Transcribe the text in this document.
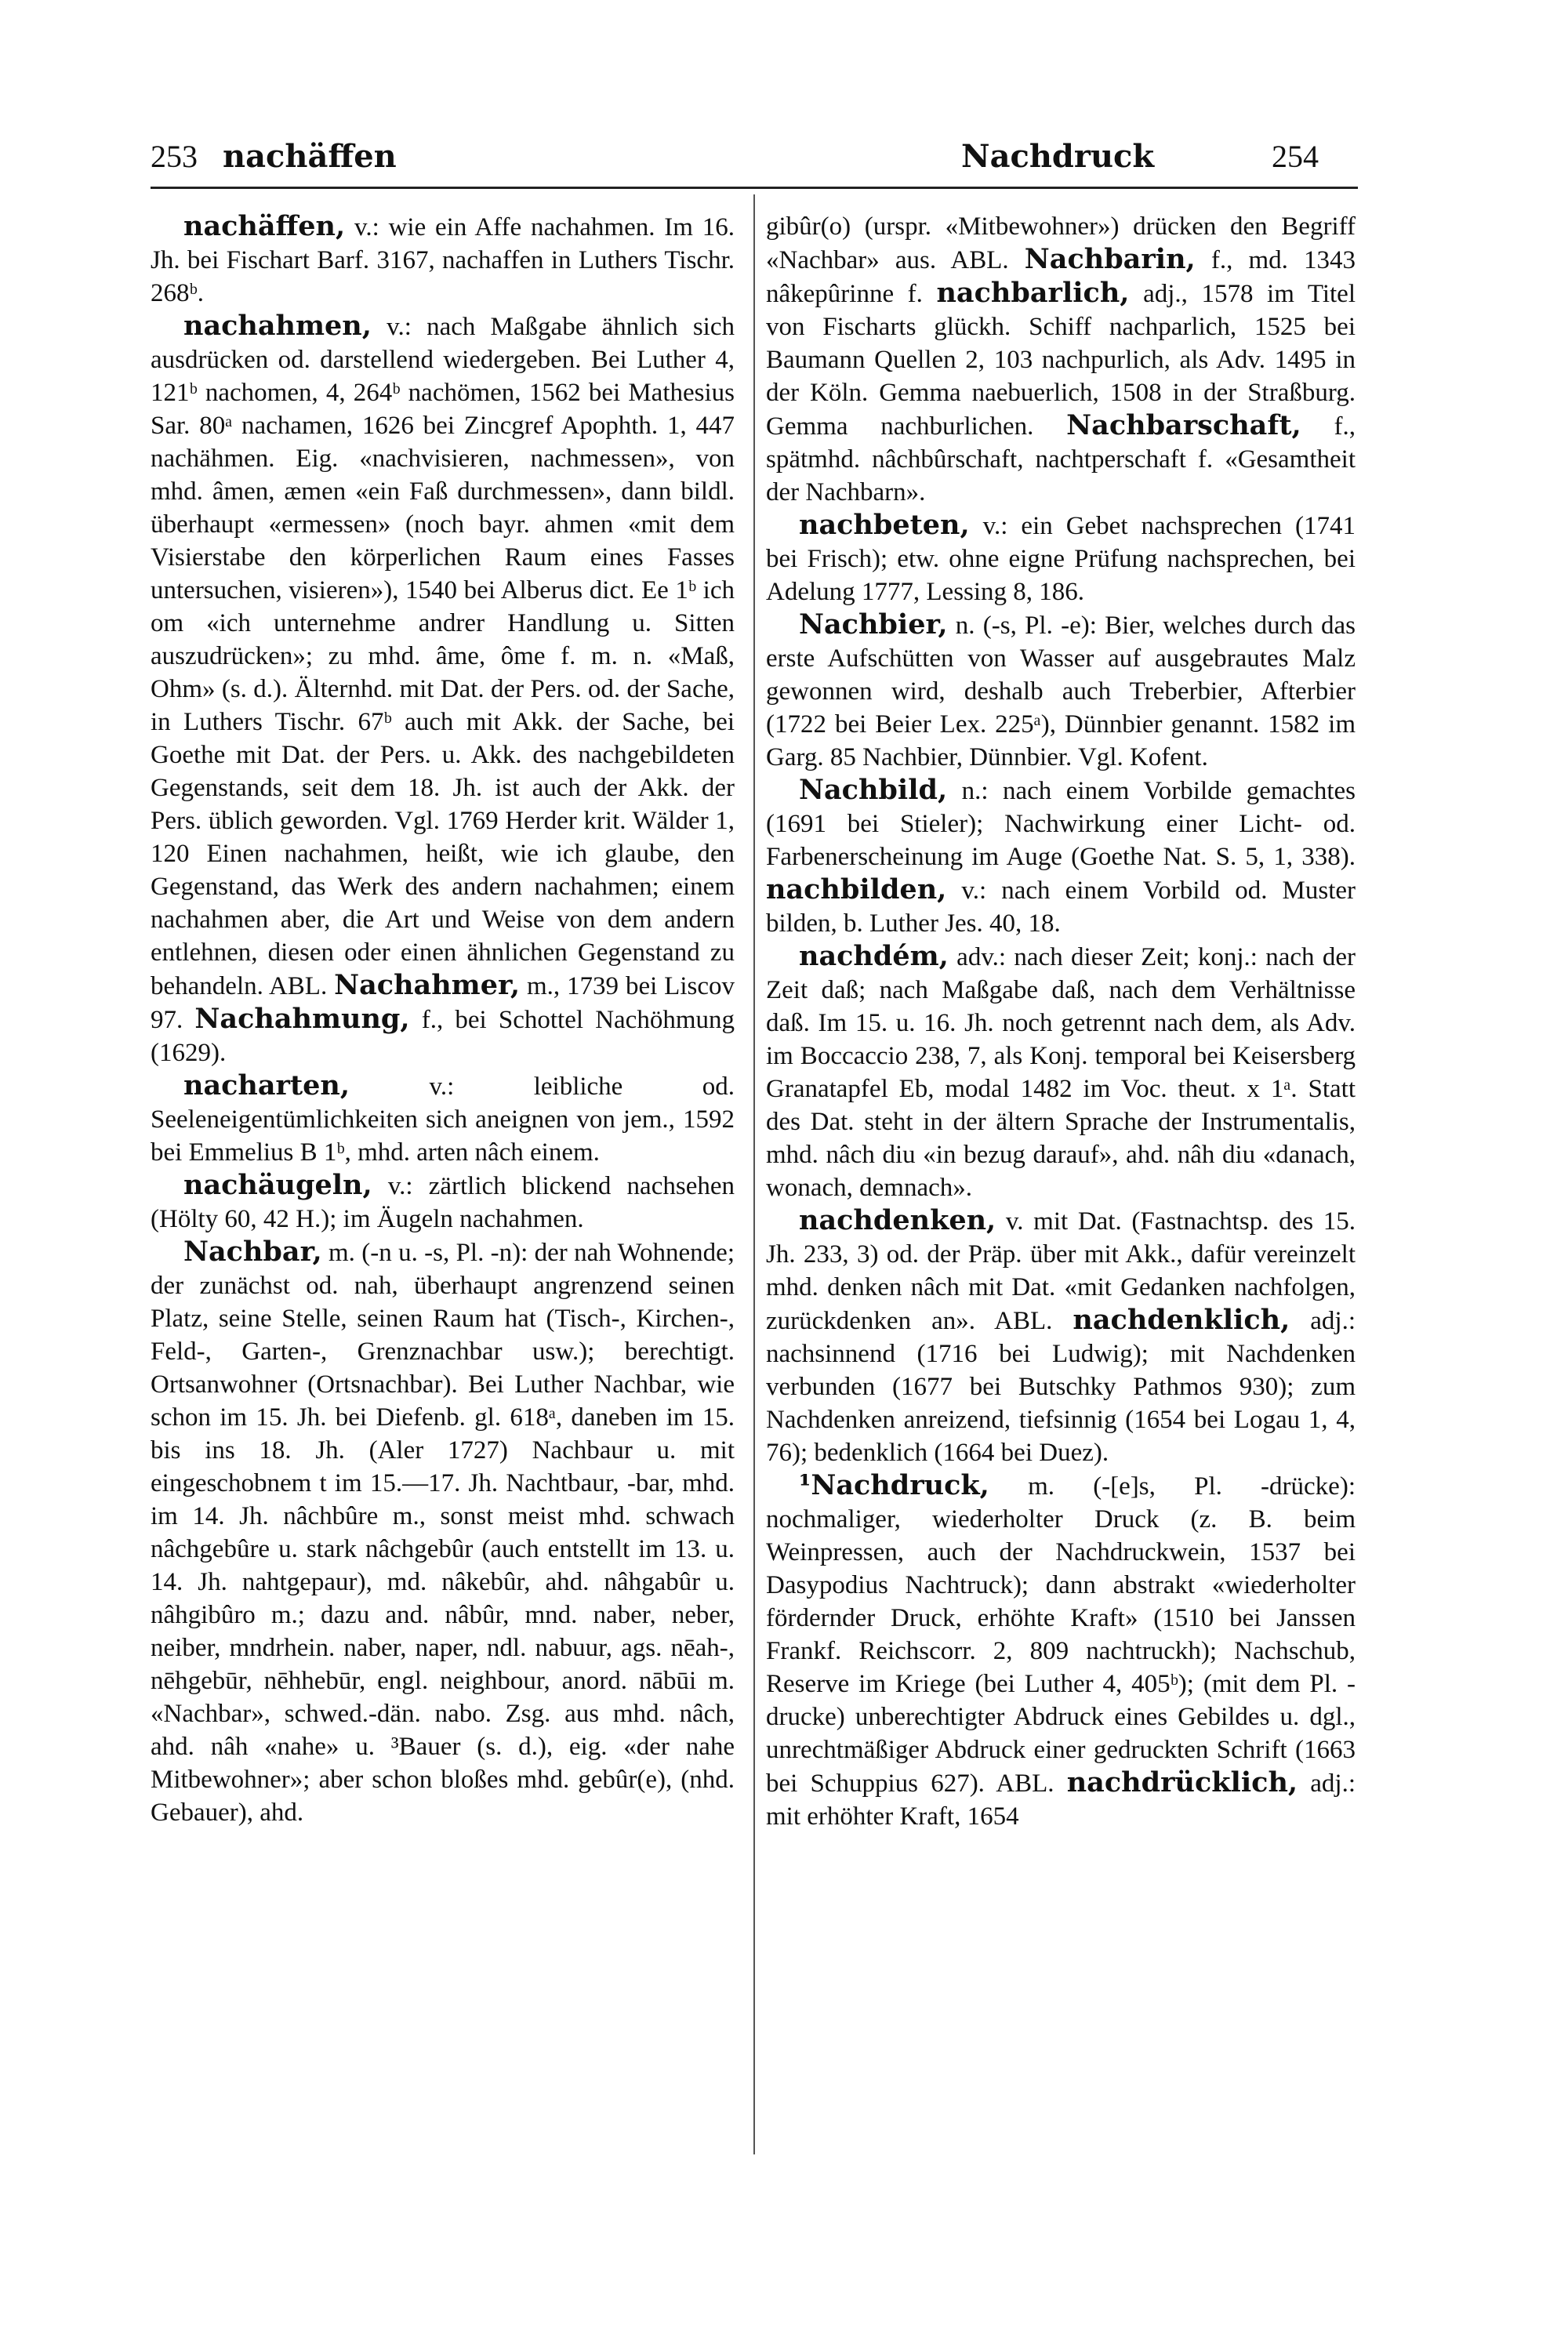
253 nachäffen	Nachdruck	254

nachäffen, v.: wie ein Affe nachahmen. Im 16. Jh. bei Fischart Barf. 3167, nachaffen in Luthers Tischr. 268ᵇ.

nachahmen, v.: nach Maßgabe ähnlich sich ausdrücken od. darstellend wiedergeben. Bei Luther 4, 121ᵇ nachomen, 4, 264ᵇ nachömen, 1562 bei Mathesius Sar. 80ᵃ nachamen, 1626 bei Zincgref Apophth. 1, 447 nachähmen. Eig. «nachvisieren, nachmessen», von mhd. âmen, æmen «ein Faß durchmessen», dann bildl. überhaupt «ermessen» (noch bayr. ahmen «mit dem Visierstabe den körperlichen Raum eines Fasses untersuchen, visieren»), 1540 bei Alberus dict. Ee 1ᵇ ich om «ich unternehme andrer Handlung u. Sitten auszudrücken»; zu mhd. âme, ôme f. m. n. «Maß, Ohm» (s. d.). Älternhd. mit Dat. der Pers. od. der Sache, in Luthers Tischr. 67ᵇ auch mit Akk. der Sache, bei Goethe mit Dat. der Pers. u. Akk. des nachgebildeten Gegenstands, seit dem 18. Jh. ist auch der Akk. der Pers. üblich geworden. Vgl. 1769 Herder krit. Wälder 1, 120 Einen nachahmen, heißt, wie ich glaube, den Gegenstand, das Werk des andern nachahmen; einem nachahmen aber, die Art und Weise von dem andern entlehnen, diesen oder einen ähnlichen Gegenstand zu behandeln. ABL. Nachahmer, m., 1739 bei Liscov 97. Nachahmung, f., bei Schottel Nachöhmung (1629).

nacharten, v.: leibliche od. Seeleneigentümlichkeiten sich aneignen von jem., 1592 bei Emmelius B 1ᵇ, mhd. arten nâch einem.

nachäugeln, v.: zärtlich blickend nachsehen (Hölty 60, 42 H.); im Äugeln nachahmen.

Nachbar, m. (-n u. -s, Pl. -n): der nah Wohnende; der zunächst od. nah, überhaupt angrenzend seinen Platz, seine Stelle, seinen Raum hat (Tisch-, Kirchen-, Feld-, Garten-, Grenznachbar usw.); berechtigt. Ortsanwohner (Ortsnachbar). Bei Luther Nachbar, wie schon im 15. Jh. bei Diefenb. gl. 618ᵃ, daneben im 15. bis ins 18. Jh. (Aler 1727) Nachbaur u. mit eingeschobnem t im 15.—17. Jh. Nachtbaur, -bar, mhd. im 14. Jh. nâchbûre m., sonst meist mhd. schwach nâchgebûre u. stark nâchgebûr (auch entstellt im 13. u. 14. Jh. nahtgepaur), md. nâkebûr, ahd. nâhgabûr u. nâhgibûro m.; dazu and. nâbûr, mnd. naber, neber, neiber, mndrhein. naber, naper, ndl. nabuur, ags. nēah-, nēhgebūr, nēhhebūr, engl. neighbour, anord. nābūi m. «Nachbar», schwed.-dän. nabo. Zsg. aus mhd. nâch, ahd. nâh «nahe» u. ³Bauer (s. d.), eig. «der nahe Mitbewohner»; aber schon bloßes mhd. gebûr(e), (nhd. Gebauer), ahd.

gibûr(o) (urspr. «Mitbewohner») drücken den Begriff «Nachbar» aus. ABL. Nachbarin, f., md. 1343 nâkepûrinne f. nachbarlich, adj., 1578 im Titel von Fischarts glückh. Schiff nachparlich, 1525 bei Baumann Quellen 2, 103 nachpurlich, als Adv. 1495 in der Köln. Gemma naebuerlich, 1508 in der Straßburg. Gemma nachburlichen. Nachbarschaft, f., spätmhd. nâchbûrschaft, nachtperschaft f. «Gesamtheit der Nachbarn».

nachbeten, v.: ein Gebet nachsprechen (1741 bei Frisch); etw. ohne eigne Prüfung nachsprechen, bei Adelung 1777, Lessing 8, 186.

Nachbier, n. (-s, Pl. -e): Bier, welches durch das erste Aufschütten von Wasser auf ausgebrautes Malz gewonnen wird, deshalb auch Treberbier, Afterbier (1722 bei Beier Lex. 225ᵃ), Dünnbier genannt. 1582 im Garg. 85 Nachbier, Dünnbier. Vgl. Kofent.

Nachbild, n.: nach einem Vorbilde gemachtes (1691 bei Stieler); Nachwirkung einer Licht- od. Farbenerscheinung im Auge (Goethe Nat. S. 5, 1, 338). nachbilden, v.: nach einem Vorbild od. Muster bilden, b. Luther Jes. 40, 18.

nachdém, adv.: nach dieser Zeit; konj.: nach der Zeit daß; nach Maßgabe daß, nach dem Verhältnisse daß. Im 15. u. 16. Jh. noch getrennt nach dem, als Adv. im Boccaccio 238, 7, als Konj. temporal bei Keisersberg Granatapfel Eb, modal 1482 im Voc. theut. x 1ᵃ. Statt des Dat. steht in der ältern Sprache der Instrumentalis, mhd. nâch diu «in bezug darauf», ahd. nâh diu «danach, wonach, demnach».

nachdenken, v. mit Dat. (Fastnachtsp. des 15. Jh. 233, 3) od. der Präp. über mit Akk., dafür vereinzelt mhd. denken nâch mit Dat. «mit Gedanken nachfolgen, zurückdenken an». ABL. nachdenklich, adj.: nachsinnend (1716 bei Ludwig); mit Nachdenken verbunden (1677 bei Butschky Pathmos 930); zum Nachdenken anreizend, tiefsinnig (1654 bei Logau 1, 4, 76); bedenklich (1664 bei Duez).

¹Nachdruck, m. (-[e]s, Pl. -drücke): nochmaliger, wiederholter Druck (z. B. beim Weinpressen, auch der Nachdruckwein, 1537 bei Dasypodius Nachtruck); dann abstrakt «wiederholter fördernder Druck, erhöhte Kraft» (1510 bei Janssen Frankf. Reichscorr. 2, 809 nachtruckh); Nachschub, Reserve im Kriege (bei Luther 4, 405ᵇ); (mit dem Pl. -drucke) unberechtigter Abdruck eines Gebildes u. dgl., unrechtmäßiger Abdruck einer gedruckten Schrift (1663 bei Schuppius 627). ABL. nachdrücklich, adj.: mit erhöhter Kraft, 1654
